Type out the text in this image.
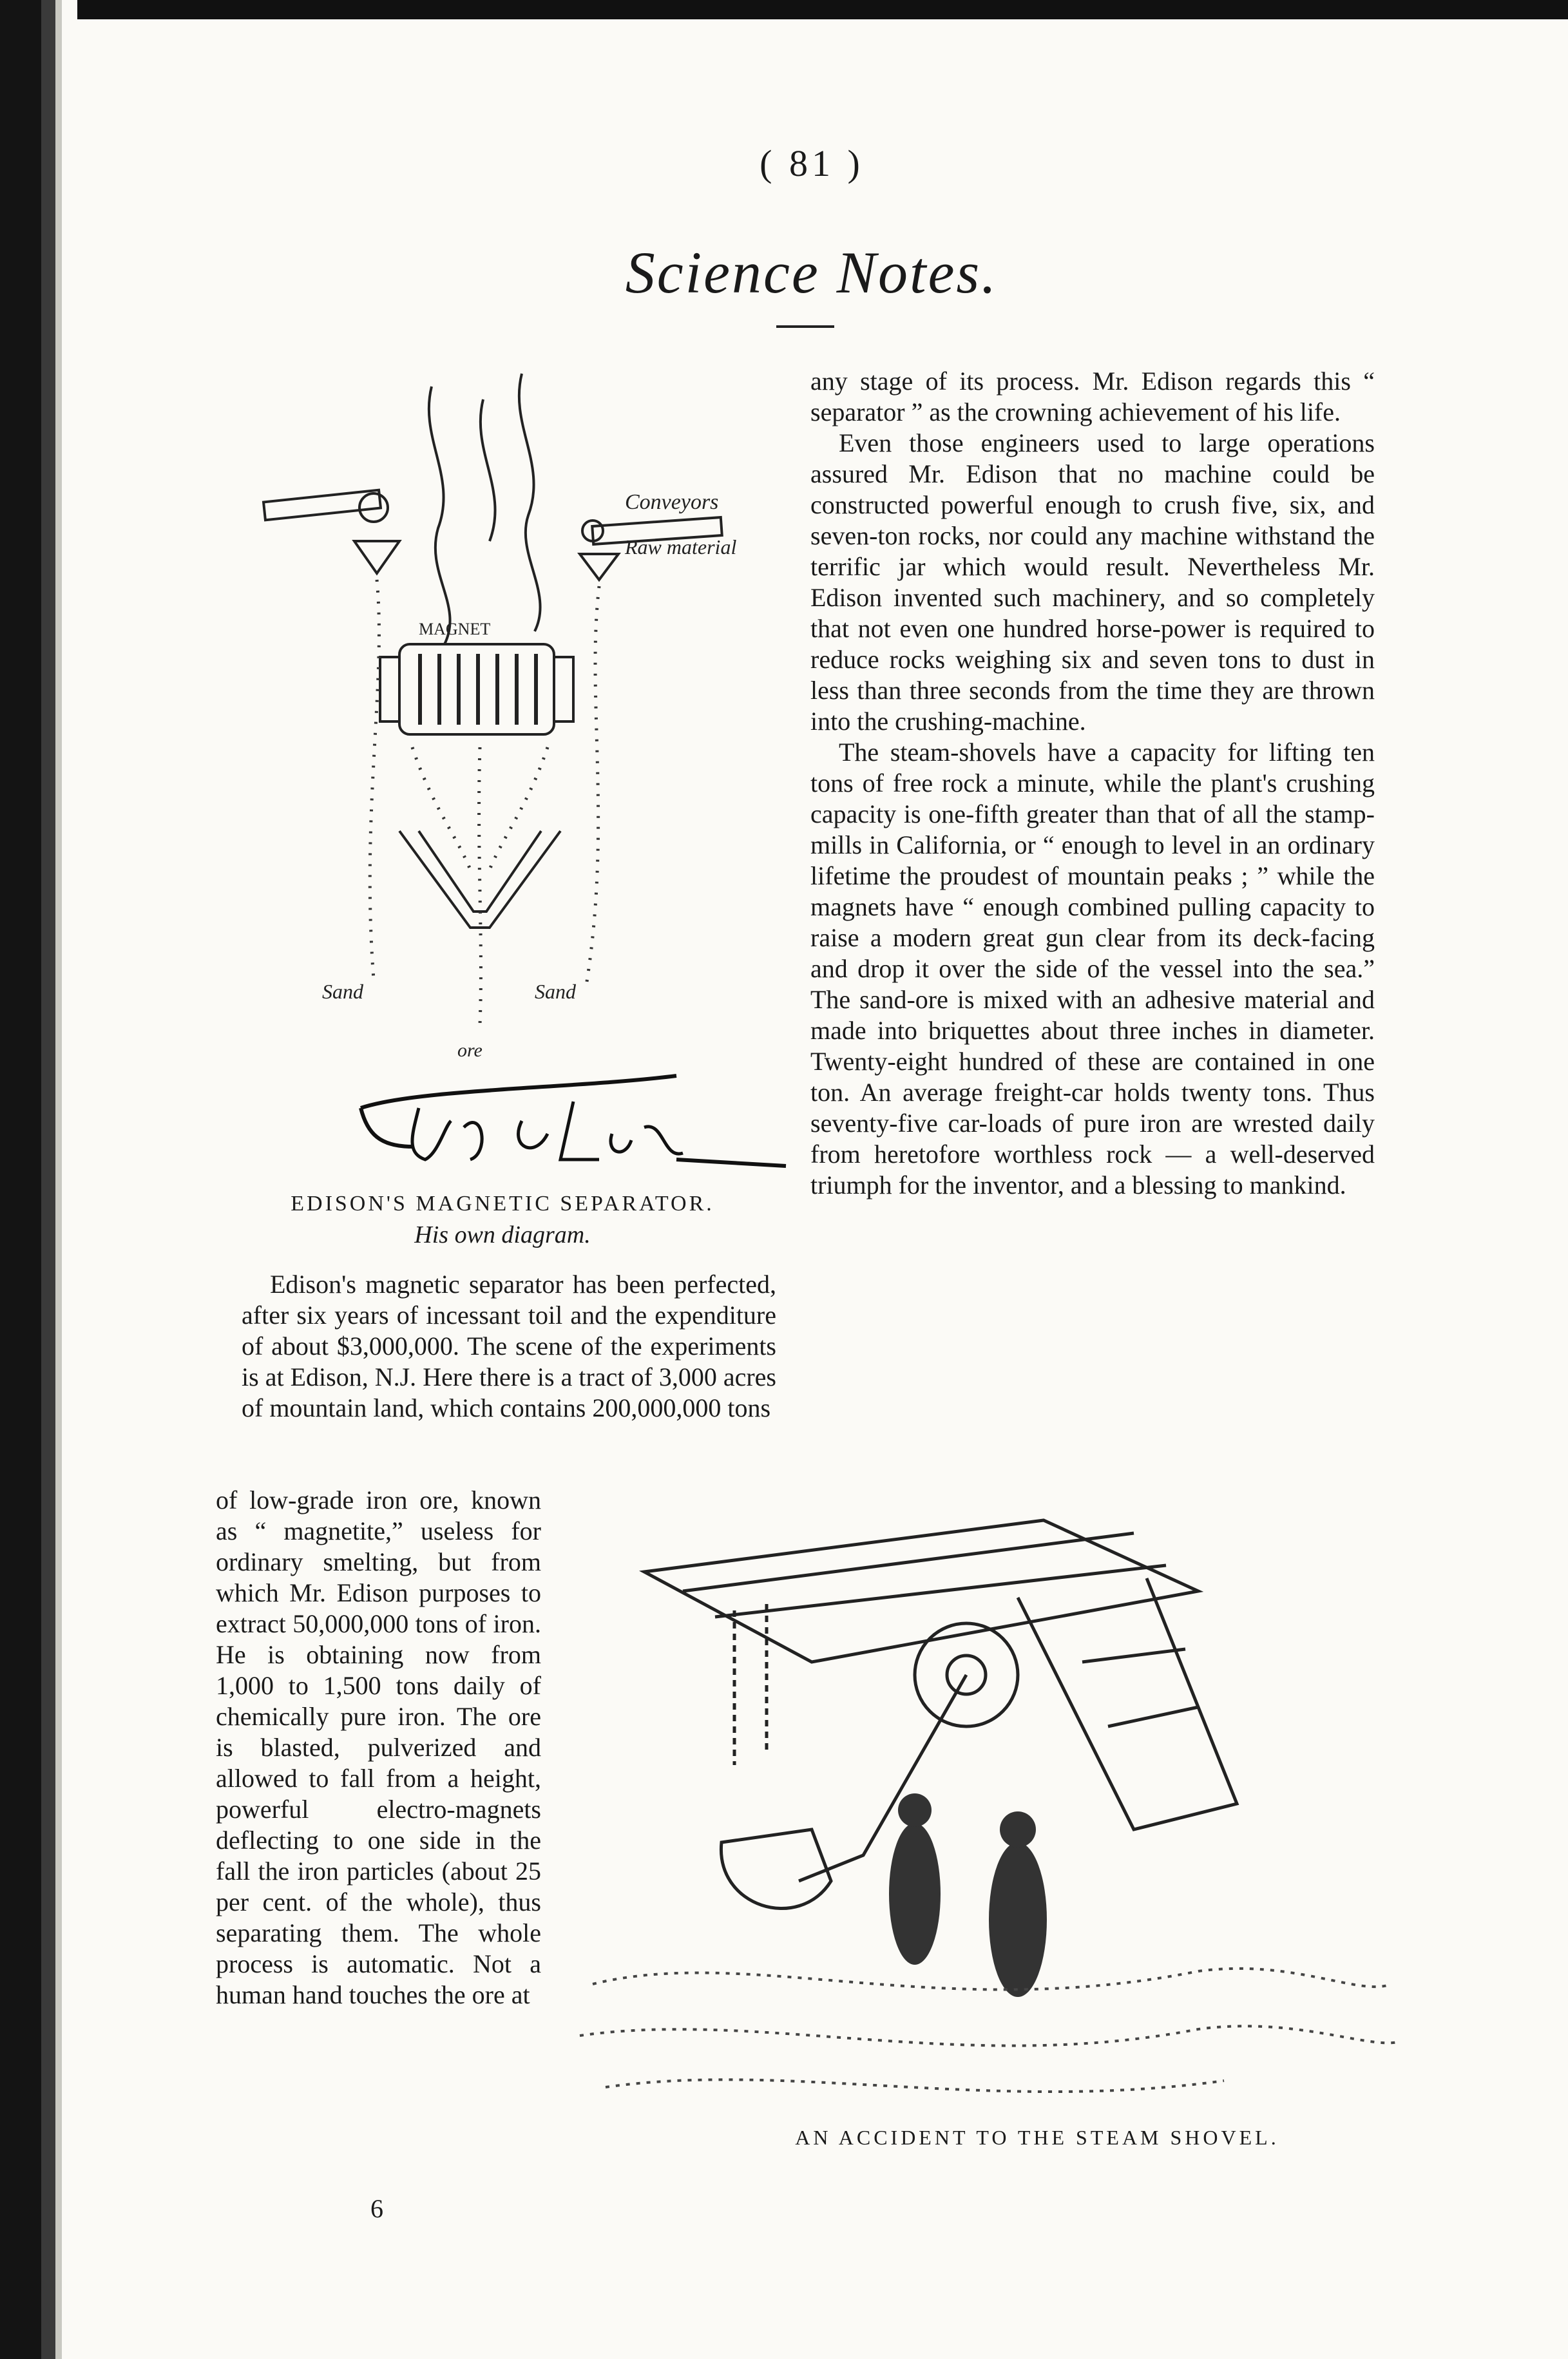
( 81 )
Science Notes.
Conveyors
Raw material
MAGNET
Sand	Sand
ore
EDISON'S MAGNETIC SEPARATOR.
His own diagram.

Edison's magnetic separator has been perfected, after six years of incessant toil and the expenditure of about $3,000,000. The scene of the experiments is at Edison, N.J. Here there is a tract of 3,000 acres of mountain land, which contains 200,000,000 tons

of low-grade iron ore, known as “ magnetite,” useless for ordinary smelting, but from which Mr. Edison purposes to extract 50,000,000 tons of iron. He is obtaining now from 1,000 to 1,500 tons daily of chemically pure iron. The ore is blasted, pulverized and allowed to fall from a height, powerful electro-magnets deflecting to one side in the fall the iron particles (about 25 per cent. of the whole), thus separating them. The whole process is automatic. Not a human hand touches the ore at

any stage of its process. Mr. Edison regards this “ separator ” as the crowning achievement of his life.

Even those engineers used to large operations assured Mr. Edison that no machine could be constructed powerful enough to crush five, six, and seven-ton rocks, nor could any machine withstand the terrific jar which would result. Nevertheless Mr. Edison invented such machinery, and so completely that not even one hundred horse-power is required to reduce rocks weighing six and seven tons to dust in less than three seconds from the time they are thrown into the crushing-machine.

The steam-shovels have a capacity for lifting ten tons of free rock a minute, while the plant's crushing capacity is one-fifth greater than that of all the stamp-mills in California, or “ enough to level in an ordinary lifetime the proudest of mountain peaks ; ” while the magnets have “ enough combined pulling capacity to raise a modern great gun clear from its deck-facing and drop it over the side of the vessel into the sea.” The sand-ore is mixed with an adhesive material and made into briquettes about three inches in diameter. Twenty-eight hundred of these are contained in one ton. An average freight-car holds twenty tons. Thus seventy-five car-loads of pure iron are wrested daily from heretofore worthless rock — a well-deserved triumph for the inventor, and a blessing to mankind.

6
AN ACCIDENT TO THE STEAM SHOVEL.
